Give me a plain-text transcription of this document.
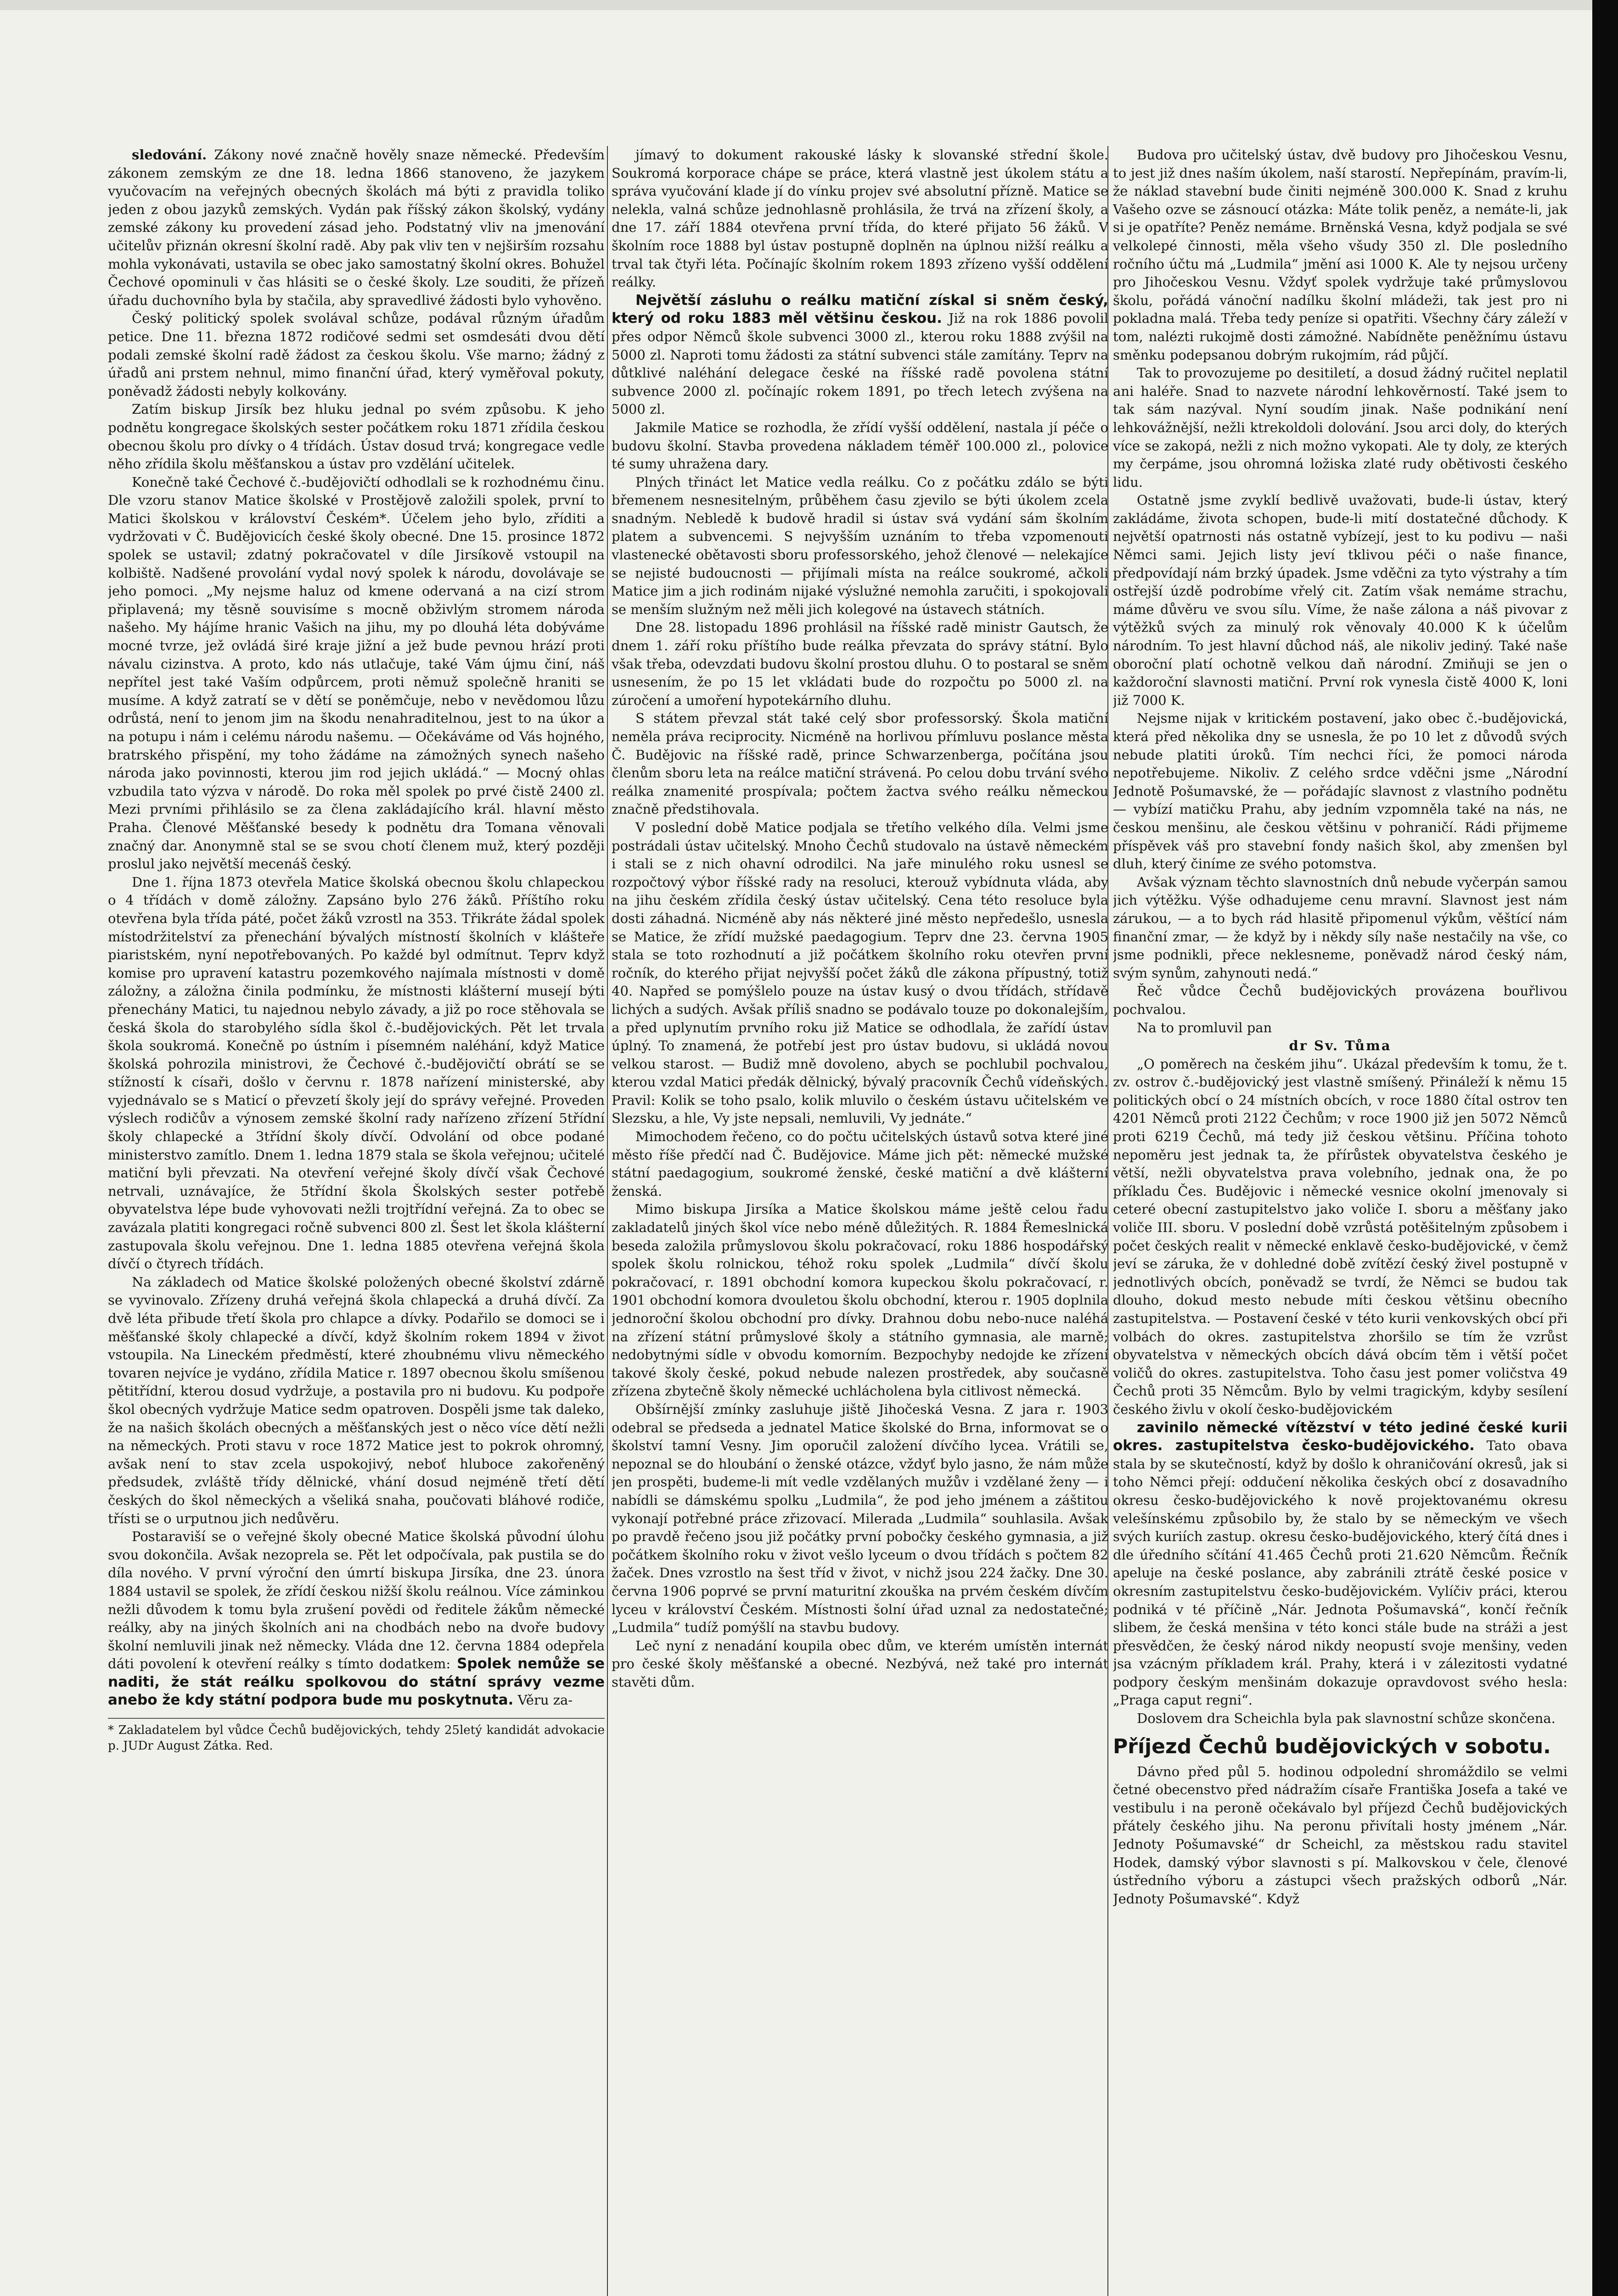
sledování. Zákony nové značně hověly snaze německé. Především zákonem zemským ze dne 18. ledna 1866 stanoveno, že jazykem vyučovacím na veřejných obecných školách má býti z pravidla toliko jeden z obou jazyků zemských. Vydán pak říšský zákon školský, vydány zemské zákony ku provedení zásad jeho. Podstatný vliv na jmenování učitelův přiznán okresní školní radě. Aby pak vliv ten v nejširším rozsahu mohla vykonávati, ustavila se obec jako samostatný školní okres. Bohužel Čechové opominuli v čas hlásiti se o české školy. Lze souditi, že přízeň úřadu duchovního byla by stačila, aby spravedlivé žádosti bylo vyhověno.

Český politický spolek svolával schůze, podával různým úřadům petice. Dne 11. března 1872 rodičové sedmi set osmdesáti dvou dětí podali zemské školní radě žádost za českou školu. Vše marno; žádný z úřadů ani prstem nehnul, mimo finanční úřad, který vyměřoval pokuty, poněvadž žádosti nebyly kolkovány.

Zatím biskup Jirsík bez hluku jednal po svém způsobu. K jeho podnětu kongregace školských sester počátkem roku 1871 zřídila českou obecnou školu pro dívky o 4 třídách. Ústav dosud trvá; kongregace vedle něho zřídila školu měšťanskou a ústav pro vzdělání učitelek.

Konečně také Čechové č.-budějovičtí odhodlali se k rozhodnému činu. Dle vzoru stanov Matice školské v Prostějově založili spolek, první to Matici školskou v království Českém*. Účelem jeho bylo, zříditi a vydržovati v Č. Budějovicích české školy obecné. Dne 15. prosince 1872 spolek se ustavil; zdatný pokračovatel v díle Jirsíkově vstoupil na kolbiště. Nadšené provolání vydal nový spolek k národu, dovolávaje se jeho pomoci. „My nejsme haluz od kmene odervaná a na cizí strom připlavená; my těsně souvisíme s mocně obživlým stromem národa našeho. My hájíme hranic Vašich na jihu, my po dlouhá léta dobýváme mocné tvrze, jež ovládá širé kraje jižní a jež bude pevnou hrází proti návalu cizinstva. A proto, kdo nás utlačuje, také Vám újmu činí, náš nepřítel jest také Vaším odpůrcem, proti němuž společně hraniti se musíme. A když zatratí se v dětí se poněmčuje, nebo v nevědomou lůzu odrůstá, není to jenom jim na škodu nenahraditelnou, jest to na úkor a na potupu i nám i celému národu našemu. — Očekáváme od Vás hojného, bratrského přispění, my toho žádáme na zámožných synech našeho národa jako povinnosti, kterou jim rod jejich ukládá.“ — Mocný ohlas vzbudila tato výzva v národě. Do roka měl spolek po prvé čistě 2400 zl. Mezi prvními přihlásilo se za člena zakládajícího král. hlavní město Praha. Členové Měšťanské besedy k podnětu dra Tomana věnovali značný dar. Anonymně stal se se svou chotí členem muž, který později proslul jako největší mecenáš český.

Dne 1. října 1873 otevřela Matice školská obecnou školu chlapeckou o 4 třídách v domě záložny. Zapsáno bylo 276 žáků. Příštího roku otevřena byla třída páté, počet žáků vzrostl na 353. Třikráte žádal spolek místodržitelství za přenechání bývalých místností školních v klášteře piaristském, nyní nepotřebovaných. Po každé byl odmítnut. Teprv když komise pro upravení katastru pozemkového najímala místnosti v domě záložny, a záložna činila podmínku, že místnosti klášterní musejí býti přenechány Matici, tu najednou nebylo závady, a již po roce stěhovala se česká škola do starobylého sídla škol č.-budějovických. Pět let trvala škola soukromá. Konečně po ústním i písemném naléhání, když Matice školská pohrozila ministrovi, že Čechové č.-budějovičtí obrátí se se stížností k císaři, došlo v červnu r. 1878 nařízení ministerské, aby vyjednávalo se s Maticí o převzetí školy její do správy veřejné. Proveden výslech rodičův a výnosem zemské školní rady nařízeno zřízení 5třídní školy chlapecké a 3třídní školy dívčí. Odvolání od obce podané ministerstvo zamítlo. Dnem 1. ledna 1879 stala se škola veřejnou; učitelé matiční byli převzati. Na otevření veřejné školy dívčí však Čechové netrvali, uznávajíce, že 5třídní škola Školských sester potřebě obyvatelstva lépe bude vyhovovati nežli trojtřídní veřejná. Za to obec se zavázala platiti kongregaci ročně subvenci 800 zl. Šest let škola klášterní zastupovala školu veřejnou. Dne 1. ledna 1885 otevřena veřejná škola dívčí o čtyrech třídách.

Na základech od Matice školské položených obecné školství zdárně se vyvinovalo. Zřízeny druhá veřejná škola chlapecká a druhá dívčí. Za dvě léta přibude třetí škola pro chlapce a dívky. Podařilo se domoci se i měšťanské školy chlapecké a dívčí, když školním rokem 1894 v život vstoupila. Na Lineckém předměstí, které zhoubnému vlivu německého tovaren nejvíce je vydáno, zřídila Matice r. 1897 obecnou školu smíšenou pětitřídní, kterou dosud vydržuje, a postavila pro ni budovu. Ku podpoře škol obecných vydržuje Matice sedm opatroven. Dospěli jsme tak daleko, že na našich školách obecných a měšťanských jest o něco více dětí nežli na německých. Proti stavu v roce 1872 Matice jest to pokrok ohromný, avšak není to stav zcela uspokojivý, neboť hluboce zakořeněný předsudek, zvláště třídy dělnické, vhání dosud nejméně třetí dětí českých do škol německých a všeliká snaha, poučovati bláhové rodiče, třísti se o urputnou jich nedůvěru.

Postaraviší se o veřejné školy obecné Matice školská původní úlohu svou dokončila. Avšak nezoprela se. Pět let odpočívala, pak pustila se do díla nového. V první výroční den úmrtí biskupa Jirsíka, dne 23. února 1884 ustavil se spolek, že zřídí českou nižší školu reálnou. Více záminkou nežli důvodem k tomu byla zrušení povědi od ředitele žákům německé reálky, aby na jiných školních ani na chodbách nebo na dvoře budovy školní nemluvili jinak než německy. Vláda dne 12. června 1884 odepřela dáti povolení k otevření reálky s tímto dodatkem: Spolek nemůže se naditi, že stát reálku spolkovou do státní správy vezme anebo že kdy státní podpora bude mu poskytnuta. Věru za-

* Zakladatelem byl vůdce Čechů budějovických, tehdy 25letý kandidát advokacie p. JUDr August Zátka. Red.

jímavý to dokument rakouské lásky k slovanské střední škole. Soukromá korporace chápe se práce, která vlastně jest úkolem státu a správa vyučování klade jí do vínku projev své absolutní přízně. Matice se nelekla, valná schůze jednohlasně prohlásila, že trvá na zřízení školy, a dne 17. září 1884 otevřena první třída, do které přijato 56 žáků. V školním roce 1888 byl ústav postupně doplněn na úplnou nižší reálku a trval tak čtyři léta. Počínajíc školním rokem 1893 zřízeno vyšší oddělení reálky.

Největší zásluhu o reálku matiční získal si sněm český, který od roku 1883 měl většinu českou. Již na rok 1886 povolil přes odpor Němců škole subvenci 3000 zl., kterou roku 1888 zvýšil na 5000 zl. Naproti tomu žádosti za státní subvenci stále zamítány. Teprv na důtklivé naléhání delegace české na říšské radě povolena státní subvence 2000 zl. počínajíc rokem 1891, po třech letech zvýšena na 5000 zl.

Jakmile Matice se rozhodla, že zřídí vyšší oddělení, nastala jí péče o budovu školní. Stavba provedena nákladem téměř 100.000 zl., polovice té sumy uhražena dary.

Plných třináct let Matice vedla reálku. Co z počátku zdálo se býti břemenem nesnesitelným, průběhem času zjevilo se býti úkolem zcela snadným. Nebledě k budově hradil si ústav svá vydání sám školním platem a subvencemi. S nejvyšším uznáním to třeba vzpomenouti vlastenecké obětavosti sboru professorského, jehož členové — nelekajíce se nejisté budoucnosti — přijímali místa na reálce soukromé, ačkoli Matice jim a jich rodinám nijaké výslužné nemohla zaručiti, i spokojovali se menším služným než měli jich kolegové na ústavech státních.

Dne 28. listopadu 1896 prohlásil na říšské radě ministr Gautsch, že dnem 1. září roku příštího bude reálka převzata do správy státní. Bylo však třeba, odevzdati budovu školní prostou dluhu. O to postaral se sněm usnesením, že po 15 let vkládati bude do rozpočtu po 5000 zl. na zúročení a umoření hypotekárního dluhu.

S státem převzal stát také celý sbor professorský. Škola matiční neměla práva reciprocity. Nicméně na horlivou přímluvu poslance města Č. Budějovic na říšské radě, prince Schwarzenberga, počítána jsou členům sboru leta na reálce matiční strávená. Po celou dobu trvání svého reálka znamenité prospívala; počtem žactva svého reálku německou značně předstihovala.

V poslední době Matice podjala se třetího velkého díla. Velmi jsme postrádali ústav učitelský. Mnoho Čechů studovalo na ústavě německém i stali se z nich ohavní odrodilci. Na jaře minulého roku usnesl se rozpočtový výbor říšské rady na resoluci, kterouž vybídnuta vláda, aby na jihu českém zřídila český ústav učitelský. Cena této resoluce byla dosti záhadná. Nicméně aby nás některé jiné město nepředešlo, usnesla se Matice, že zřídí mužské paedagogium. Teprv dne 23. června 1905 stala se toto rozhodnutí a již počátkem školního roku otevřen první ročník, do kterého přijat nejvyšší počet žáků dle zákona přípustný, totiž 40. Napřed se pomýšlelo pouze na ústav kusý o dvou třídách, střídavě lichých a sudých. Avšak příliš snadno se podávalo touze po dokonalejším, a před uplynutím prvního roku již Matice se odhodlala, že zařídí ústav úplný. To znamená, že potřebí jest pro ústav budovu, si ukládá novou velkou starost. — Budiž mně dovoleno, abych se pochlubil pochvalou, kterou vzdal Matici předák dělnický, bývalý pracovník Čechů vídeňských. Pravil: Kolik se toho psalo, kolik mluvilo o českém ústavu učitelském ve Slezsku, a hle, Vy jste nepsali, nemluvili, Vy jednáte.“

Mimochodem řečeno, co do počtu učitelských ústavů sotva které jiné město říše předčí nad Č. Budějovice. Máme jich pět: německé mužské státní paedagogium, soukromé ženské, české matiční a dvě klášterní ženská.

Mimo biskupa Jirsíka a Matice školskou máme ještě celou řadu zakladatelů jiných škol více nebo méně důležitých. R. 1884 Řemeslnická beseda založila průmyslovou školu pokračovací, roku 1886 hospodářský spolek školu rolnickou, téhož roku spolek „Ludmila“ dívčí školu pokračovací, r. 1891 obchodní komora kupeckou školu pokračovací, r. 1901 obchodní komora dvouletou školu obchodní, kterou r. 1905 doplnila jednoroční školou obchodní pro dívky. Drahnou dobu nebo-nuce naléhá na zřízení státní průmyslové školy a státního gymnasia, ale marně; nedobytnými sídle v obvodu komorním. Bezpochyby nedojde ke zřízení takové školy české, pokud nebude nalezen prostředek, aby současně zřízena zbytečně školy německé uchlácholena byla citlivost německá.

Obšírnější zmínky zasluhuje jiště Jihočeská Vesna. Z jara r. 1903 odebral se předseda a jednatel Matice školské do Brna, informovat se o školství tamní Vesny. Jim oporučil založení dívčího lycea. Vrátili se, nepoznal se do hloubání o ženské otázce, vždyť bylo jasno, že nám může jen prospěti, budeme-li mít vedle vzdělaných mužův i vzdělané ženy — i nabídli se dámskému spolku „Ludmila“, že pod jeho jménem a záštitou vykonají potřebné práce zřizovací. Milerada „Ludmila“ souhlasila. Avšak po pravdě řečeno jsou již počátky první pobočky českého gymnasia, a již počátkem školního roku v život vešlo lyceum o dvou třídách s počtem 82 žaček. Dnes vzrostlo na šest tříd v život, v nichž jsou 224 žačky. Dne 30. června 1906 poprvé se první maturitní zkouška na prvém českém dívčím lyceu v království Českém. Místnosti šolní úřad uznal za nedostatečné; „Ludmila“ tudíž pomýšlí na stavbu budovy.

Leč nyní z nenadání koupila obec dům, ve kterém umístěn internát pro české školy měšťanské a obecné. Nezbývá, než také pro internát stavěti dům.

Budova pro učitelský ústav, dvě budovy pro Jihočeskou Vesnu, to jest již dnes naším úkolem, naší starostí. Nepřepínám, pravím-li, že náklad stavební bude činiti nejméně 300.000 K. Snad z kruhu Vašeho ozve se zásnoucí otázka: Máte tolik peněz, a nemáte-li, jak si je opatříte? Peněz nemáme. Brněnská Vesna, když podjala se své velkolepé činnosti, měla všeho všudy 350 zl. Dle posledního ročního účtu má „Ludmila“ jmění asi 1000 K. Ale ty nejsou určeny pro Jihočeskou Vesnu. Vždyť spolek vydržuje také průmyslovou školu, pořádá vánoční nadílku školní mládeži, tak jest pro ni pokladna malá. Třeba tedy peníze si opatřiti. Všechny čáry záleží v tom, nalézti rukojmě dosti zámožné. Nabídněte peněžnímu ústavu směnku podepsanou dobrým rukojmím, rád půjčí.

Tak to provozujeme po desitiletí, a dosud žádný ručitel neplatil ani haléře. Snad to nazvete národní lehkověrností. Také jsem to tak sám nazýval. Nyní soudím jinak. Naše podnikání není lehkovážnější, nežli ktrekoldoli dolování. Jsou arci doly, do kterých více se zakopá, nežli z nich možno vykopati. Ale ty doly, ze kterých my čerpáme, jsou ohromná ložiska zlaté rudy obětivosti českého lidu.

Ostatně jsme zvyklí bedlivě uvažovati, bude-li ústav, který zakládáme, života schopen, bude-li mití dostatečné důchody. K největší opatrnosti nás ostatně vybízejí, jest to ku podivu — naši Němci sami. Jejich listy jeví tklivou péči o naše finance, předpovídají nám brzký úpadek. Jsme vděčni za tyto výstrahy a tím ostřejší úzdě podrobíme vřelý cit. Zatím však nemáme strachu, máme důvěru ve svou sílu. Víme, že naše zálona a náš pivovar z výtěžků svých za minulý rok věnovaly 40.000 K k účelům národním. To jest hlavní důchod náš, ale nikoliv jediný. Také naše oboroční platí ochotně velkou daň národní. Zmiňuji se jen o každoroční slavnosti matiční. První rok vynesla čistě 4000 K, loni již 7000 K.

Nejsme nijak v kritickém postavení, jako obec č.-budějovická, která před několika dny se usnesla, že po 10 let z důvodů svých nebude platiti úroků. Tím nechci říci, že pomoci národa nepotřebujeme. Nikoliv. Z celého srdce vděčni jsme „Národní Jednotě Pošumavské, že — pořádajíc slavnost z vlastního podnětu — vybízí matičku Prahu, aby jedním vzpomněla také na nás, ne českou menšinu, ale českou většinu v pohraničí. Rádi přijmeme příspěvek váš pro stavební fondy našich škol, aby zmenšen byl dluh, který činíme ze svého potomstva.

Avšak význam těchto slavnostních dnů nebude vyčerpán samou jich výtěžku. Výše odhadujeme cenu mravní. Slavnost jest nám zárukou, — a to bych rád hlasitě připomenul výkům, věštící nám finanční zmar, — že když by i někdy síly naše nestačily na vše, co jsme podnikli, přece neklesneme, poněvadž národ český nám, svým synům, zahynouti nedá.“

Řeč vůdce Čechů budějovických provázena bouřlivou pochvalou.

Na to promluvil pan

dr Sv. Tůma

„O poměrech na českém jihu“. Ukázal především k tomu, že t. zv. ostrov č.-budějovický jest vlastně smíšený. Přináleží k němu 15 politických obcí o 24 místních obcích, v roce 1880 čítal ostrov ten 4201 Němců proti 2122 Čechům; v roce 1900 již jen 5072 Němců proti 6219 Čechů, má tedy již českou většinu. Příčina tohoto nepoměru jest jednak ta, že přírůstek obyvatelstva českého je větší, nežli obyvatelstva prava volebního, jednak ona, že po příkladu Čes. Budějovic i německé vesnice okolní jmenovaly si ceteré obecní zastupitelstvo jako voliče I. sboru a měšťany jako voliče III. sboru. V poslední době vzrůstá potěšitelným způsobem i počet českých realit v německé enklavě česko-budějovické, v čemž jeví se záruka, že v dohledné době zvítězí český živel postupně v jednotlivých obcích, poněvadž se tvrdí, že Němci se budou tak dlouho, dokud mesto nebude míti českou většinu obecního zastupitelstva. — Postavení české v této kurii venkovských obcí při volbách do okres. zastupitelstva zhoršilo se tím že vzrůst obyvatelstva v německých obcích dává obcím těm i větší počet voličů do okres. zastupitelstva. Toho času jest pomer voličstva 49 Čechů proti 35 Němcům. Bylo by velmi tragickým, kdyby sesílení českého živlu v okolí česko-budějovickém

zavinilo německé vítězství v této jediné české kurii okres. zastupitelstva česko-budějovického. Tato obava stala by se skutečností, když by došlo k ohraničování okresů, jak si toho Němci přejí: oddučení několika českých obcí z dosavadního okresu česko-budějovického k nově projektovanému okresu velešínskému způsobilo by, že stalo by se německým ve všech svých kuriích zastup. okresu česko-budějovického, který čítá dnes i dle úředního sčítání 41.465 Čechů proti 21.620 Němcům. Řečník apeluje na české poslance, aby zabránili ztrátě české posice v okresním zastupitelstvu česko-budějovickém. Vylíčiv práci, kterou podniká v té příčině „Nár. Jednota Pošumavská“, končí řečník slibem, že česká menšina v této konci stále bude na stráži a jest přesvědčen, že český národ nikdy neopustí svoje menšiny, veden jsa vzácným příkladem král. Prahy, která i v zálezitosti vydatné podpory českým menšinám dokazuje opravdovost svého hesla: „Praga caput regni“.

Doslovem dra Scheichla byla pak slavnostní schůze skončena.

Příjezd Čechů budějovických v sobotu.

Dávno před půl 5. hodinou odpolední shromáždilo se velmi četné obecenstvo před nádražím císaře Františka Josefa a také ve vestibulu i na peroně očekávalo byl příjezd Čechů budějovických přátely českého jihu. Na peronu přivítali hosty jménem „Nár. Jednoty Pošumavské“ dr Scheichl, za městskou radu stavitel Hodek, damský výbor slavnosti s pí. Malkovskou v čele, členové ústředního výboru a zástupci všech pražských odborů „Nár. Jednoty Pošumavské“. Když
